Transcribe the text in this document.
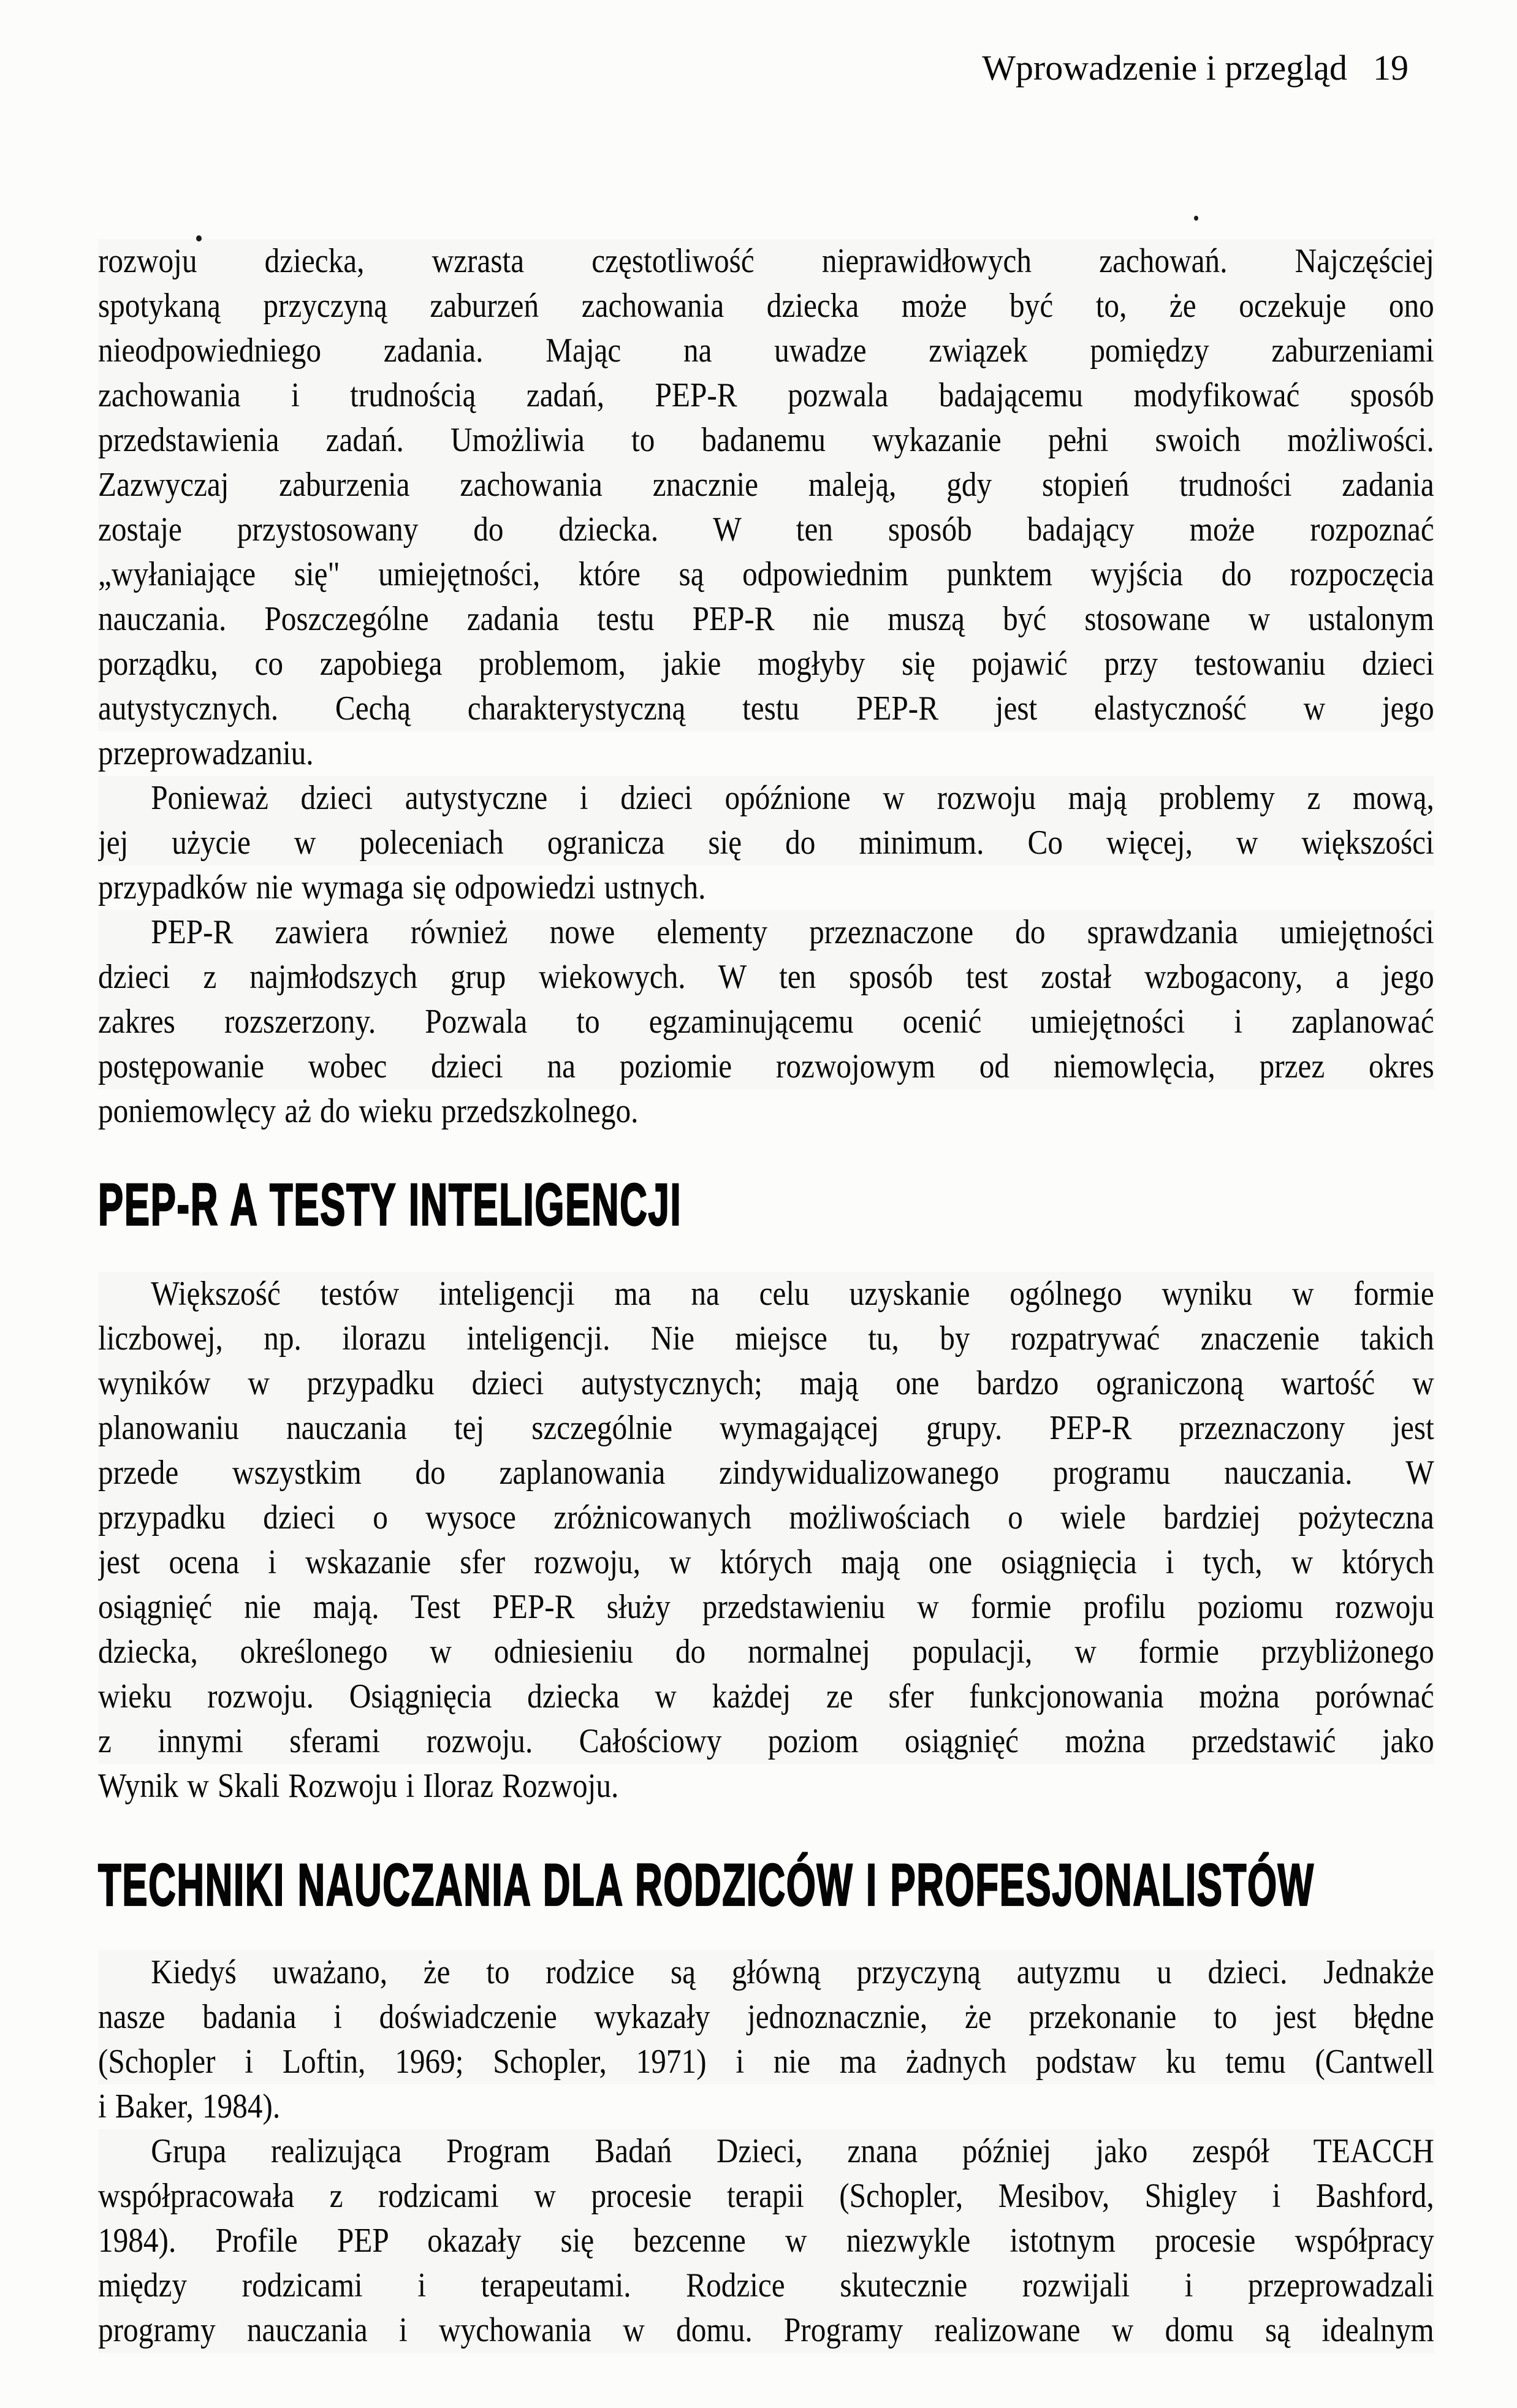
Wprowadzenie i przegląd 19
rozwoju dziecka, wzrasta częstotliwość nieprawidłowych zachowań. Najczęściej
spotykaną przyczyną zaburzeń zachowania dziecka może być to, że oczekuje ono
nieodpowiedniego zadania. Mając na uwadze związek pomiędzy zaburzeniami
zachowania i trudnością zadań, PEP-R pozwala badającemu modyfikować sposób
przedstawienia zadań. Umożliwia to badanemu wykazanie pełni swoich możliwości.
Zazwyczaj zaburzenia zachowania znacznie maleją, gdy stopień trudności zadania
zostaje przystosowany do dziecka. W ten sposób badający może rozpoznać
„wyłaniające się" umiejętności, które są odpowiednim punktem wyjścia do rozpoczęcia
nauczania. Poszczególne zadania testu PEP-R nie muszą być stosowane w ustalonym
porządku, co zapobiega problemom, jakie mogłyby się pojawić przy testowaniu dzieci
autystycznych. Cechą charakterystyczną testu PEP-R jest elastyczność w jego
przeprowadzaniu.
Ponieważ dzieci autystyczne i dzieci opóźnione w rozwoju mają problemy z mową,
jej użycie w poleceniach ogranicza się do minimum. Co więcej, w większości
przypadków nie wymaga się odpowiedzi ustnych.
PEP-R zawiera również nowe elementy przeznaczone do sprawdzania umiejętności
dzieci z najmłodszych grup wiekowych. W ten sposób test został wzbogacony, a jego
zakres rozszerzony. Pozwala to egzaminującemu ocenić umiejętności i zaplanować
postępowanie wobec dzieci na poziomie rozwojowym od niemowlęcia, przez okres
poniemowlęcy aż do wieku przedszkolnego.
PEP-R A TESTY INTELIGENCJI
Większość testów inteligencji ma na celu uzyskanie ogólnego wyniku w formie
liczbowej, np. ilorazu inteligencji. Nie miejsce tu, by rozpatrywać znaczenie takich
wyników w przypadku dzieci autystycznych; mają one bardzo ograniczoną wartość w
planowaniu nauczania tej szczególnie wymagającej grupy. PEP-R przeznaczony jest
przede wszystkim do zaplanowania zindywidualizowanego programu nauczania. W
przypadku dzieci o wysoce zróżnicowanych możliwościach o wiele bardziej pożyteczna
jest ocena i wskazanie sfer rozwoju, w których mają one osiągnięcia i tych, w których
osiągnięć nie mają. Test PEP-R służy przedstawieniu w formie profilu poziomu rozwoju
dziecka, określonego w odniesieniu do normalnej populacji, w formie przybliżonego
wieku rozwoju. Osiągnięcia dziecka w każdej ze sfer funkcjonowania można porównać
z innymi sferami rozwoju. Całościowy poziom osiągnięć można przedstawić jako
Wynik w Skali Rozwoju i Iloraz Rozwoju.
TECHNIKI NAUCZANIA DLA RODZICÓW I PROFESJONALISTÓW
Kiedyś uważano, że to rodzice są główną przyczyną autyzmu u dzieci. Jednakże
nasze badania i doświadczenie wykazały jednoznacznie, że przekonanie to jest błędne
(Schopler i Loftin, 1969; Schopler, 1971) i nie ma żadnych podstaw ku temu (Cantwell
i Baker, 1984).
Grupa realizująca Program Badań Dzieci, znana później jako zespół TEACCH
współpracowała z rodzicami w procesie terapii (Schopler, Mesibov, Shigley i Bashford,
1984). Profile PEP okazały się bezcenne w niezwykle istotnym procesie współpracy
między rodzicami i terapeutami. Rodzice skutecznie rozwijali i przeprowadzali
programy nauczania i wychowania w domu. Programy realizowane w domu są idealnym
